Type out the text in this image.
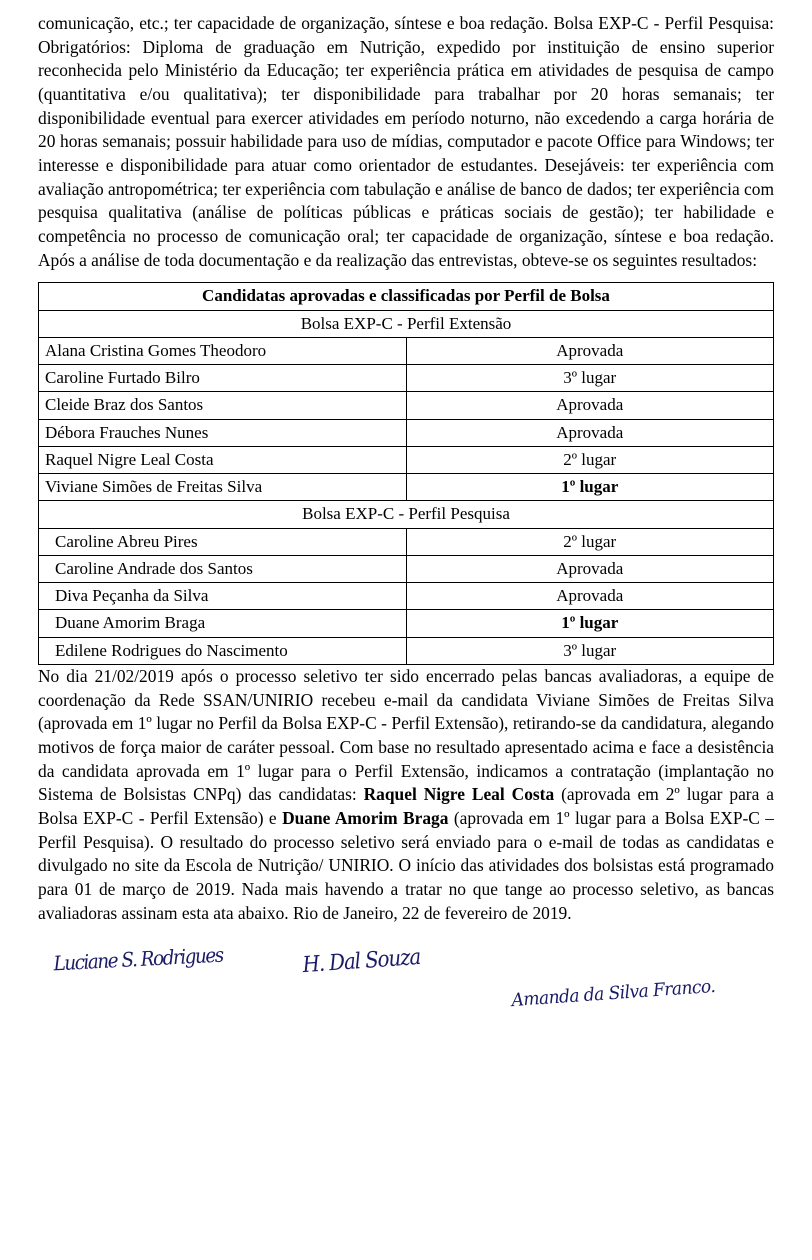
comunicação, etc.; ter capacidade de organização, síntese e boa redação. Bolsa EXP-C - Perfil Pesquisa: Obrigatórios: Diploma de graduação em Nutrição, expedido por instituição de ensino superior reconhecida pelo Ministério da Educação; ter experiência prática em atividades de pesquisa de campo (quantitativa e/ou qualitativa); ter disponibilidade para trabalhar por 20 horas semanais; ter disponibilidade eventual para exercer atividades em período noturno, não excedendo a carga horária de 20 horas semanais; possuir habilidade para uso de mídias, computador e pacote Office para Windows; ter interesse e disponibilidade para atuar como orientador de estudantes. Desejáveis: ter experiência com avaliação antropométrica; ter experiência com tabulação e análise de banco de dados; ter experiência com pesquisa qualitativa (análise de políticas públicas e práticas sociais de gestão); ter habilidade e competência no processo de comunicação oral; ter capacidade de organização, síntese e boa redação. Após a análise de toda documentação e da realização das entrevistas, obteve-se os seguintes resultados:

Candidatas aprovadas e classificadas por Perfil de Bolsa	
Bolsa EXP-C - Perfil Extensão	
Alana Cristina Gomes Theodoro	Aprovada
Caroline Furtado Bilro	3º lugar
Cleide Braz dos Santos	Aprovada
Débora Frauches Nunes	Aprovada
Raquel Nigre Leal Costa	2º lugar
Viviane Simões de Freitas Silva	1º lugar
Bolsa EXP-C - Perfil Pesquisa	
Caroline Abreu Pires	2º lugar
Caroline Andrade dos Santos	Aprovada
Diva Peçanha da Silva	Aprovada
Duane Amorim Braga	1º lugar
Edilene Rodrigues do Nascimento	3º lugar

No dia 21/02/2019 após o processo seletivo ter sido encerrado pelas bancas avaliadoras, a equipe de coordenação da Rede SSAN/UNIRIO recebeu e-mail da candidata Viviane Simões de Freitas Silva (aprovada em 1º lugar no Perfil da Bolsa EXP-C - Perfil Extensão), retirando-se da candidatura, alegando motivos de força maior de caráter pessoal. Com base no resultado apresentado acima e face a desistência da candidata aprovada em 1º lugar para o Perfil Extensão, indicamos a contratação (implantação no Sistema de Bolsistas CNPq) das candidatas: Raquel Nigre Leal Costa (aprovada em 2º lugar para a Bolsa EXP-C - Perfil Extensão) e Duane Amorim Braga (aprovada em 1º lugar para a Bolsa EXP-C – Perfil Pesquisa). O resultado do processo seletivo será enviado para o e-mail de todas as candidatas e divulgado no site da Escola de Nutrição/ UNIRIO. O início das atividades dos bolsistas está programado para 01 de março de 2019. Nada mais havendo a tratar no que tange ao processo seletivo, as bancas avaliadoras assinam esta ata abaixo. Rio de Janeiro, 22 de fevereiro de 2019.

Luciane S. Rodrigues	H. Dal Souza
Amanda da Silva Franco.
